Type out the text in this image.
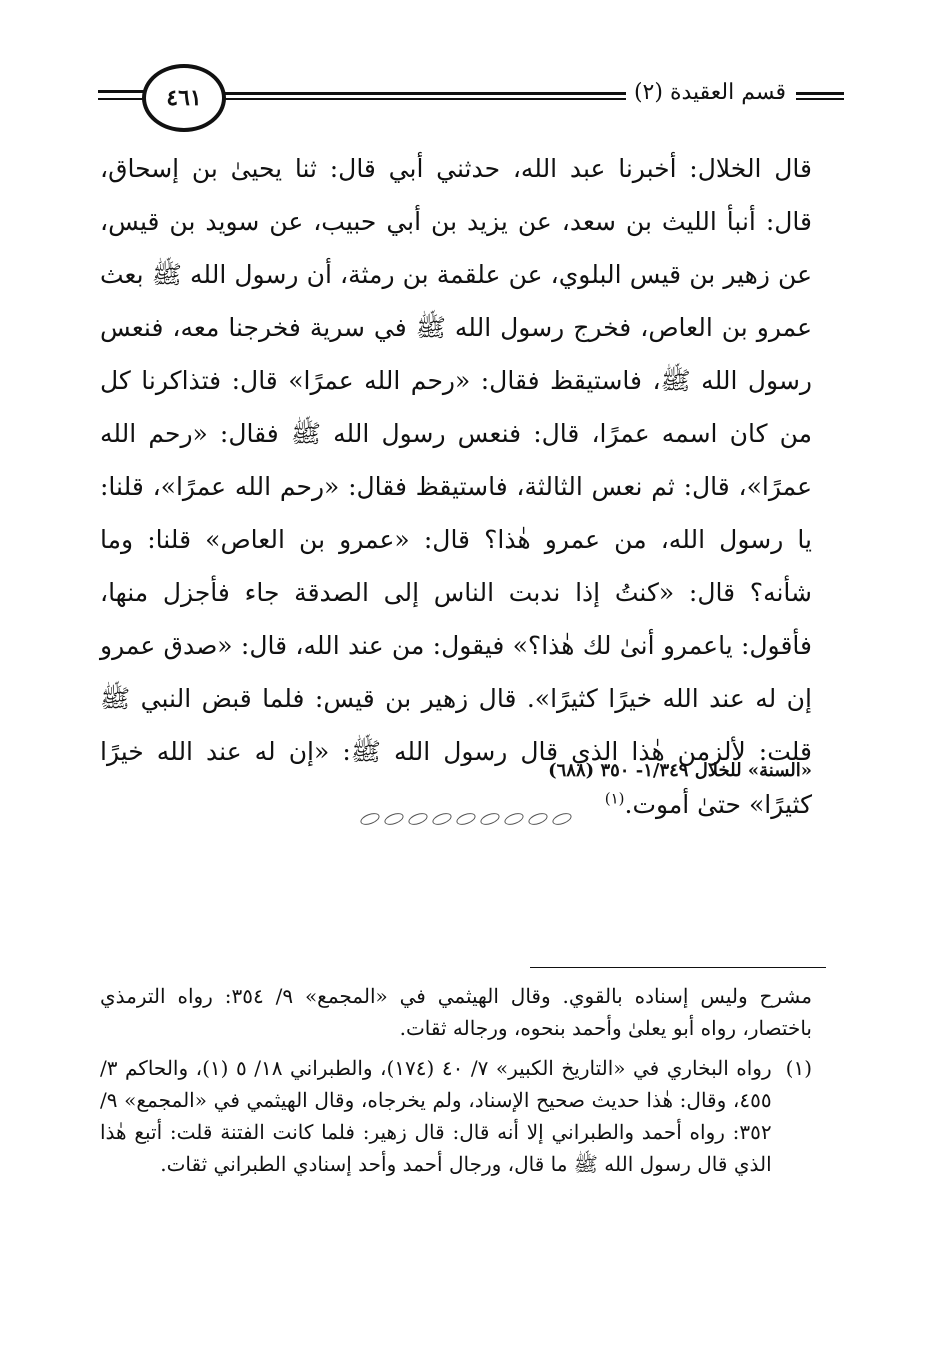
٤٦١	قسم العقيدة (٢)

قال الخلال: أخبرنا عبد الله، حدثني أبي قال: ثنا يحيىٰ بن إسحاق، قال: أنبأ الليث بن سعد، عن يزيد بن أبي حبيب، عن سويد بن قيس، عن زهير بن قيس البلوي، عن علقمة بن رمثة، أن رسول الله ﷺ بعث عمرو بن العاص، فخرج رسول الله ﷺ في سرية فخرجنا معه، فنعس رسول الله ﷺ، فاستيقظ فقال: «رحم الله عمرًا» قال: فتذاكرنا كل من كان اسمه عمرًا، قال: فنعس رسول الله ﷺ فقال: «رحم الله عمرًا»، قال: ثم نعس الثالثة، فاستيقظ فقال: «رحم الله عمرًا»، قلنا: يا رسول الله، من عمرو هٰذا؟ قال: «عمرو بن العاص» قلنا: وما شأنه؟ قال: «كنتُ إذا ندبت الناس إلى الصدقة جاء فأجزل منها، فأقول: ياعمرو أنىٰ لك هٰذا؟» فيقول: من عند الله، قال: «صدق عمرو إن له عند الله خيرًا كثيرًا». قال زهير بن قيس: فلما قبض النبي ﷺ قلت: لألزمن هٰذا الذي قال رسول الله ﷺ: «إن له عند الله خيرًا كثيرًا» حتىٰ أموت.$^{(١)}$

«السنة» للخلال ١/٣٤٩- ٣٥٠ (٦٨٨)

مشرح وليس إسناده بالقوي. وقال الهيثمي في «المجمع» ٩/ ٣٥٤: رواه الترمذي باختصار، رواه أبو يعلىٰ وأحمد بنحوه، ورجاله ثقات.

(١)
رواه البخاري في «التاريخ الكبير» ٧/ ٤٠ (١٧٤)، والطبراني ١٨/ ٥ (١)، والحاكم ٣/ ٤٥٥، وقال: هٰذا حديث صحيح الإسناد، ولم يخرجاه، وقال الهيثمي في «المجمع» ٩/ ٣٥٢: رواه أحمد والطبراني إلا أنه قال: قال زهير: فلما كانت الفتنة قلت: أتبع هٰذا الذي قال رسول الله ﷺ ما قال، ورجال أحمد وأحد إسنادي الطبراني ثقات.
